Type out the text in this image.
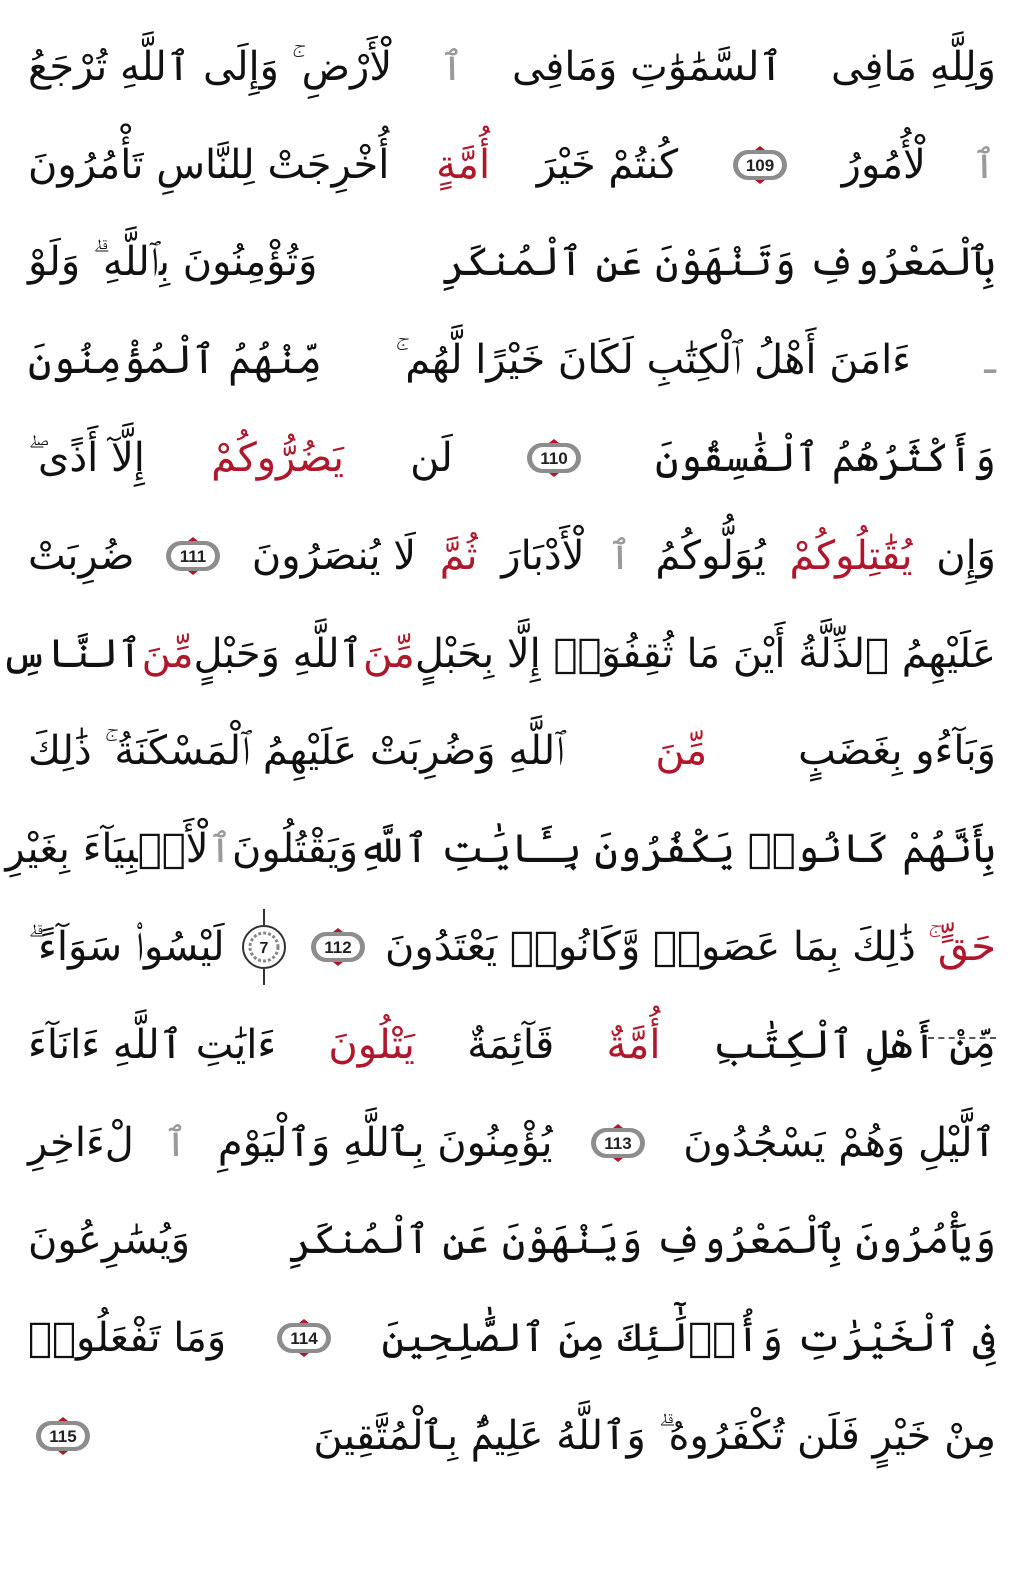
وَلِلَّهِ مَافِى
ٱلسَّمَٰوَٰتِ وَمَافِى
ٱ
لْأَرْضِ ۚ وَإِلَى ٱللَّهِ تُرْجَعُ
ٱ
لْأُمُورُ
109
كُنتُمْ خَيْرَ
أُمَّةٍ
أُخْرِجَتْ لِلنَّاسِ تَأْمُرُونَ
بِٱلْمَعْرُوفِ وَتَنْهَوْنَ عَنِ ٱلْمُنكَرِ
وَتُؤْمِنُونَ بِٱللَّهِ ۗ وَلَوْ
ـ
ءَامَنَ أَهْلُ ٱلْكِتَٰبِ لَكَانَ خَيْرًا لَّهُم ۚ
مِّنْهُمُ ٱلْمُؤْمِنُونَ
وَأَكْثَرُهُمُ ٱلْفَٰسِقُونَ
110
لَن
يَضُرُّوكُمْ
إِلَّآ أَذًى ۖ
وَإِن
يُقَٰتِلُوكُمْ
يُوَلُّوكُمُ
ٱ
لْأَدْبَارَ
ثُمَّ
لَا يُنصَرُونَ
111
ضُرِبَتْ
عَلَيْهِمُ ٱلذِّلَّةُ أَيْنَ مَا ثُقِفُوٓا۟ إِلَّا بِحَبْلٍ
مِّنَ
ٱللَّهِ وَحَبْلٍ
مِّنَ
ٱلنَّاسِ
وَبَآءُو بِغَضَبٍ
مِّنَ
ٱللَّهِ وَضُرِبَتْ عَلَيْهِمُ ٱلْمَسْكَنَةُ ۚ ذَٰلِكَ
بِأَنَّهُمْ كَانُوا۟ يَكْفُرُونَ بِـَٔايَٰتِ ٱللَّهِ
وَيَقْتُلُونَ
ٱ
لْأَنۢبِيَآءَ بِغَيْرِ
حَقٍّ ۚ
ذَٰلِكَ بِمَا عَصَوا۟ وَّكَانُوا۟ يَعْتَدُونَ
112
7
لَيْسُوا۟ سَوَآءً ۗ
مِّنْ أَهْلِ ٱلْكِتَٰبِ
أُمَّةٌ
قَآئِمَةٌ
يَتْلُونَ
ءَايَٰتِ ٱللَّهِ ءَانَآءَ
ٱلَّيْلِ وَهُمْ يَسْجُدُونَ
113
يُؤْمِنُونَ بِٱللَّهِ وَٱلْيَوْمِ
ٱ
لْءَاخِرِ
وَيَأْمُرُونَ بِٱلْمَعْرُوفِ وَيَنْهَوْنَ عَنِ ٱلْمُنكَرِ
وَيُسَٰرِعُونَ
فِى ٱلْخَيْرَٰتِ وَأُو۟لَٰٓئِكَ مِنَ ٱلصَّٰلِحِينَ
114
وَمَا تَفْعَلُوا۟
مِنْ خَيْرٍ فَلَن تُكْفَرُوهُ ۗ وَٱللَّهُ عَلِيمٌۢ بِٱلْمُتَّقِينَ
115
